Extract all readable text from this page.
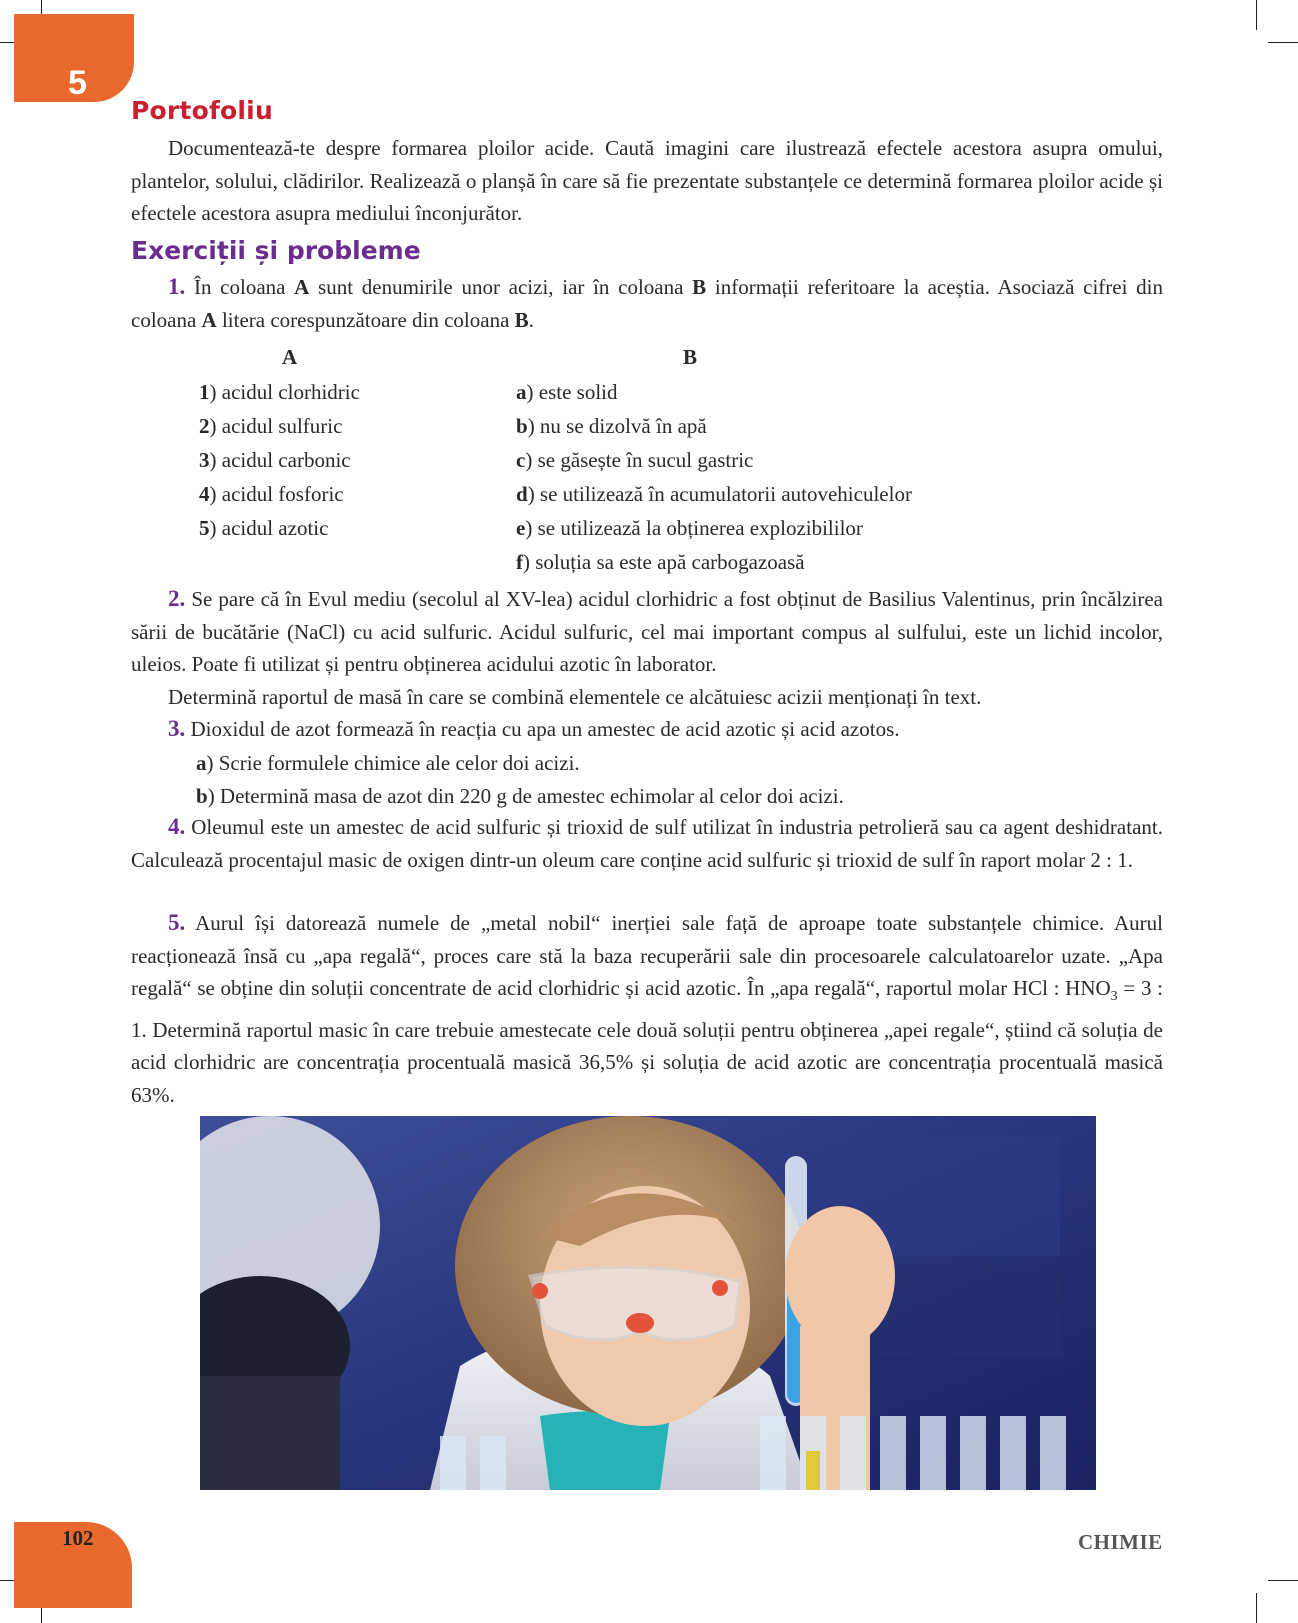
5
Portofoliu
Documentează-te despre formarea ploilor acide. Caută imagini care ilustrează efectele acestora asupra omului, plantelor, solului, clădirilor. Realizează o planșă în care să fie prezentate substanțele ce determină formarea ploilor acide și efectele acestora asupra mediului înconjurător.
Exerciții și probleme
1. În coloana A sunt denumirile unor acizi, iar în coloana B informații referitoare la aceștia. Asociază cifrei din coloana A litera corespunzătoare din coloana B.
A	B
1) acidul clorhidric
2) acidul sulfuric
3) acidul carbonic
4) acidul fosforic
5) acidul azotic
a) este solid
b) nu se dizolvă în apă
c) se găsește în sucul gastric
d) se utilizează în acumulatorii autovehiculelor
e) se utilizează la obținerea explozibililor
f) soluția sa este apă carbogazoasă
2. Se pare că în Evul mediu (secolul al XV-lea) acidul clorhidric a fost obținut de Basilius Valentinus, prin încălzirea sării de bucătărie (NaCl) cu acid sulfuric. Acidul sulfuric, cel mai important compus al sulfului, este un lichid incolor, uleios. Poate fi utilizat și pentru obținerea acidului azotic în laborator.
Determină raportul de masă în care se combină elementele ce alcătuiesc acizii menționați în text.
3. Dioxidul de azot formează în reacția cu apa un amestec de acid azotic și acid azotos.
a) Scrie formulele chimice ale celor doi acizi.
b) Determină masa de azot din 220 g de amestec echimolar al celor doi acizi.
4. Oleumul este un amestec de acid sulfuric și trioxid de sulf utilizat în industria petrolieră sau ca agent deshidratant. Calculează procentajul masic de oxigen dintr-un oleum care conține acid sulfuric și trioxid de sulf în raport molar 2 : 1.
5. Aurul își datorează numele de „metal nobil“ inerției sale față de aproape toate substanțele chimice. Aurul reacționează însă cu „apa regală“, proces care stă la baza recuperării sale din procesoarele calculatoarelor uzate. „Apa regală“ se obține din soluții concentrate de acid clorhidric și acid azotic. În „apa regală“, raportul molar HCl : $HNO_3 = 3$ : 1. Determină raportul masic în care trebuie amestecate cele două soluții pentru obținerea „apei regale“, știind că soluția de acid clorhidric are concentrația procentuală masică 36,5% și soluția de acid azotic are concentrația procentuală masică 63%.
102	CHIMIE
